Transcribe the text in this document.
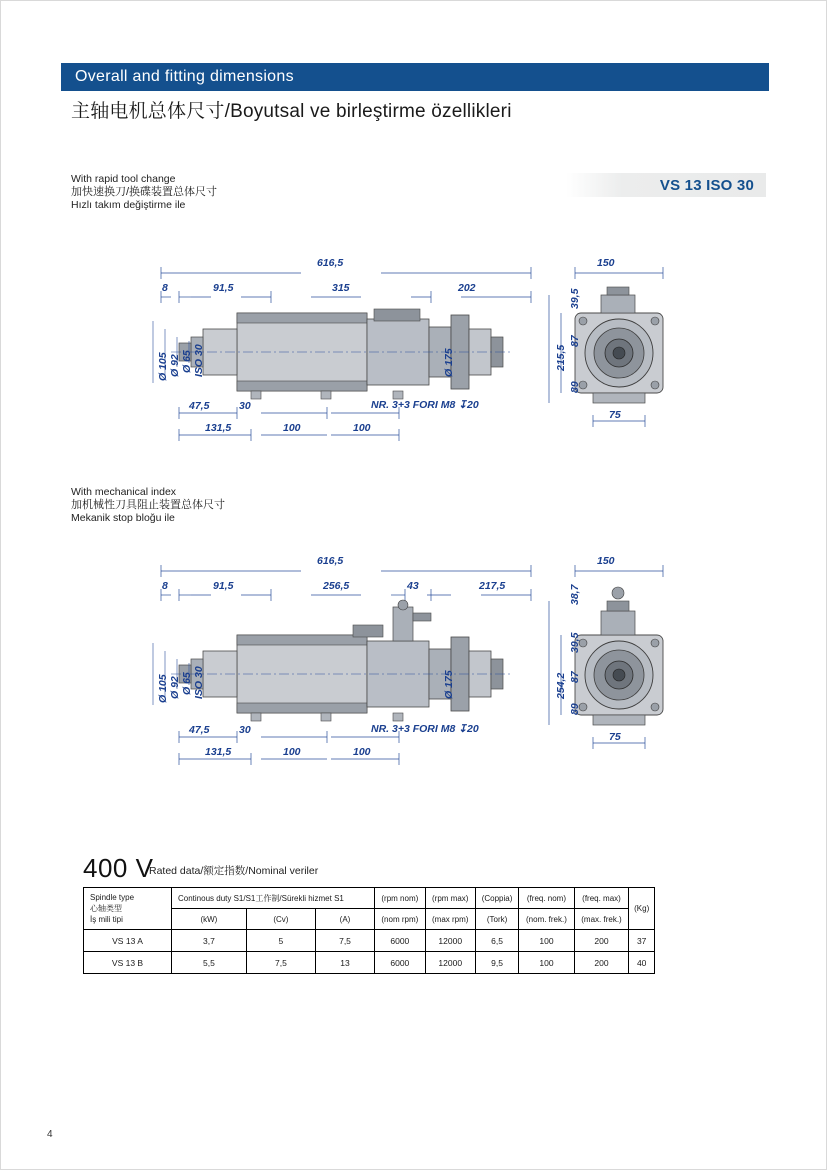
Overall and fitting dimensions
主轴电机总体尺寸/Boyutsal ve birleştirme özellikleri
With rapid tool change
加快速换刀/换碟装置总体尺寸
Hızlı takım değiştirme ile
VS 13 ISO 30
616,5
8	91,5	315	202
Ø 105 Ø 92 Ø 65 ISO 30	Ø 175
47,5	30
131,5	100	100
NR. 3+3 FORI M8 ↧20
150
75
39,5
87
215,5
89
With mechanical index
加机械性刀具阻止装置总体尺寸
Mekanik stop bloğu ile
616,5
8	91,5	256,5	43	217,5
Ø 105 Ø 92 Ø 65 ISO 30	Ø 175
47,5	30
131,5	100	100
NR. 3+3 FORI M8 ↧20
150
75
38,7
39,5
87
254,2
89
400 V
Rated data/额定指数/Nominal veriler
Spindle type
心轴类型
İş mili tipi	Continous duty S1/S1工作制/Sürekli hizmet S1			(rpm nom)	(rpm max)	(Coppia)	(freq. nom)	(freq. max)	(Kg)
	(kW)	(Cv)	(A)	(nom rpm)	(max rpm)	(Tork)	(nom. frek.)	(max. frek.)	
VS 13 A	3,7	5	7,5	6000	12000	6,5	100	200	37
VS 13 B	5,5	7,5	13	6000	12000	9,5	100	200	40
4
